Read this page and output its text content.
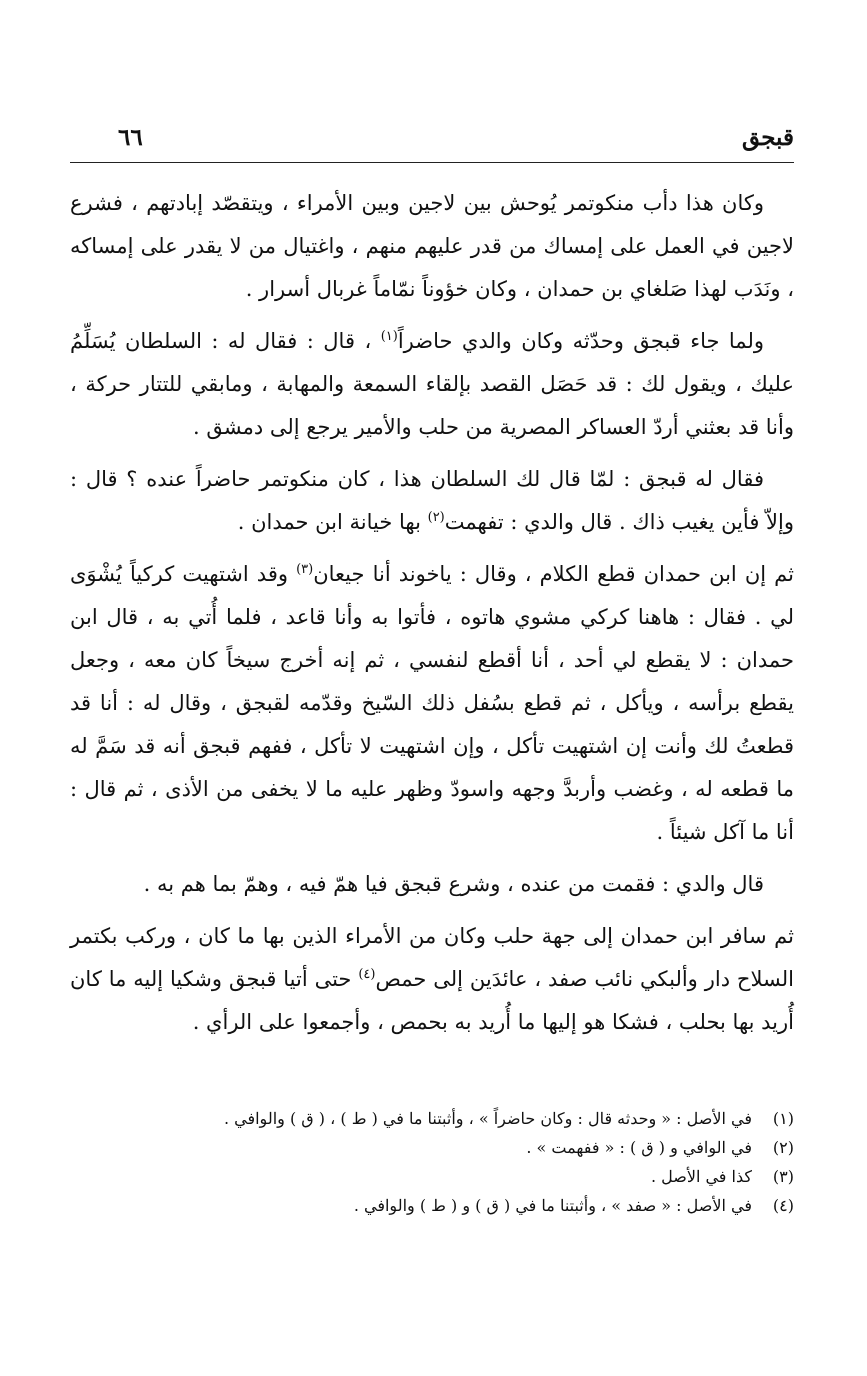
قبجق
٦٦

وكان هذا دأب منكوتمر يُوحش بين لاجين وبين الأمراء ، ويتقصّد إبادتهم ، فشرع لاجين في العمل على إمساك من قدر عليهم منهم ، واغتيال من لا يقدر على إمساكه ، ونَدَب لهذا صَلغاي بن حمدان ، وكان خؤوناً نمّاماً غربال أسرار .

ولما جاء قبجق وحدّثه وكان والدي حاضراً$^{(١)}$ ، قال : فقال له : السلطان يُسَلِّمُ عليك ، ويقول لك : قد حَصَل القصد بإلقاء السمعة والمهابة ، ومابقي للتتار حركة ، وأنا قد بعثني أردّ العساكر المصرية من حلب والأمير يرجع إلى دمشق .

فقال له قبجق : لمّا قال لك السلطان هذا ، كان منكوتمر حاضراً عنده ؟ قال : وإلاّ فأين يغيب ذاك . قال والدي : تفهمت$^{(٢)}$ بها خيانة ابن حمدان .

ثم إن ابن حمدان قطع الكلام ، وقال : ياخوند أنا جيعان$^{(٣)}$ وقد اشتهيت كركياً يُشْوَى لي . فقال : هاهنا كركي مشوي هاتوه ، فأتوا به وأنا قاعد ، فلما أُتي به ، قال ابن حمدان : لا يقطع لي أحد ، أنا أقطع لنفسي ، ثم إنه أخرج سيخاً كان معه ، وجعل يقطع برأسه ، ويأكل ، ثم قطع بسُفل ذلك السّيخ وقدّمه لقبجق ، وقال له : أنا قد قطعتُ لك وأنت إن اشتهيت تأكل ، وإن اشتهيت لا تأكل ، ففهم قبجق أنه قد سَمَّ له ما قطعه له ، وغضب وأربدَّ وجهه واسودّ وظهر عليه ما لا يخفى من الأذى ، ثم قال : أنا ما آكل شيئاً .

قال والدي : فقمت من عنده ، وشرع قبجق فيا همّ فيه ، وهمّ بما هم به .

ثم سافر ابن حمدان إلى جهة حلب وكان من الأمراء الذين بها ما كان ، وركب بكتمر السلاح دار وألبكي نائب صفد ، عائدَين إلى حمص$^{(٤)}$ حتى أتيا قبجق وشكيا إليه ما كان أُريد بها بحلب ، فشكا هو إليها ما أُريد به بحمص ، وأجمعوا على الرأي .

(١)
في الأصل : « وحدثه قال : وكان حاضراً » ، وأثبتنا ما في ( ط ) ، ( ق ) والوافي .
(٢)
في الوافي و ( ق ) : « ففهمت » .
(٣)
كذا في الأصل .
(٤)
في الأصل : « صفد » ، وأثبتنا ما في ( ق ) و ( ط ) والوافي .
